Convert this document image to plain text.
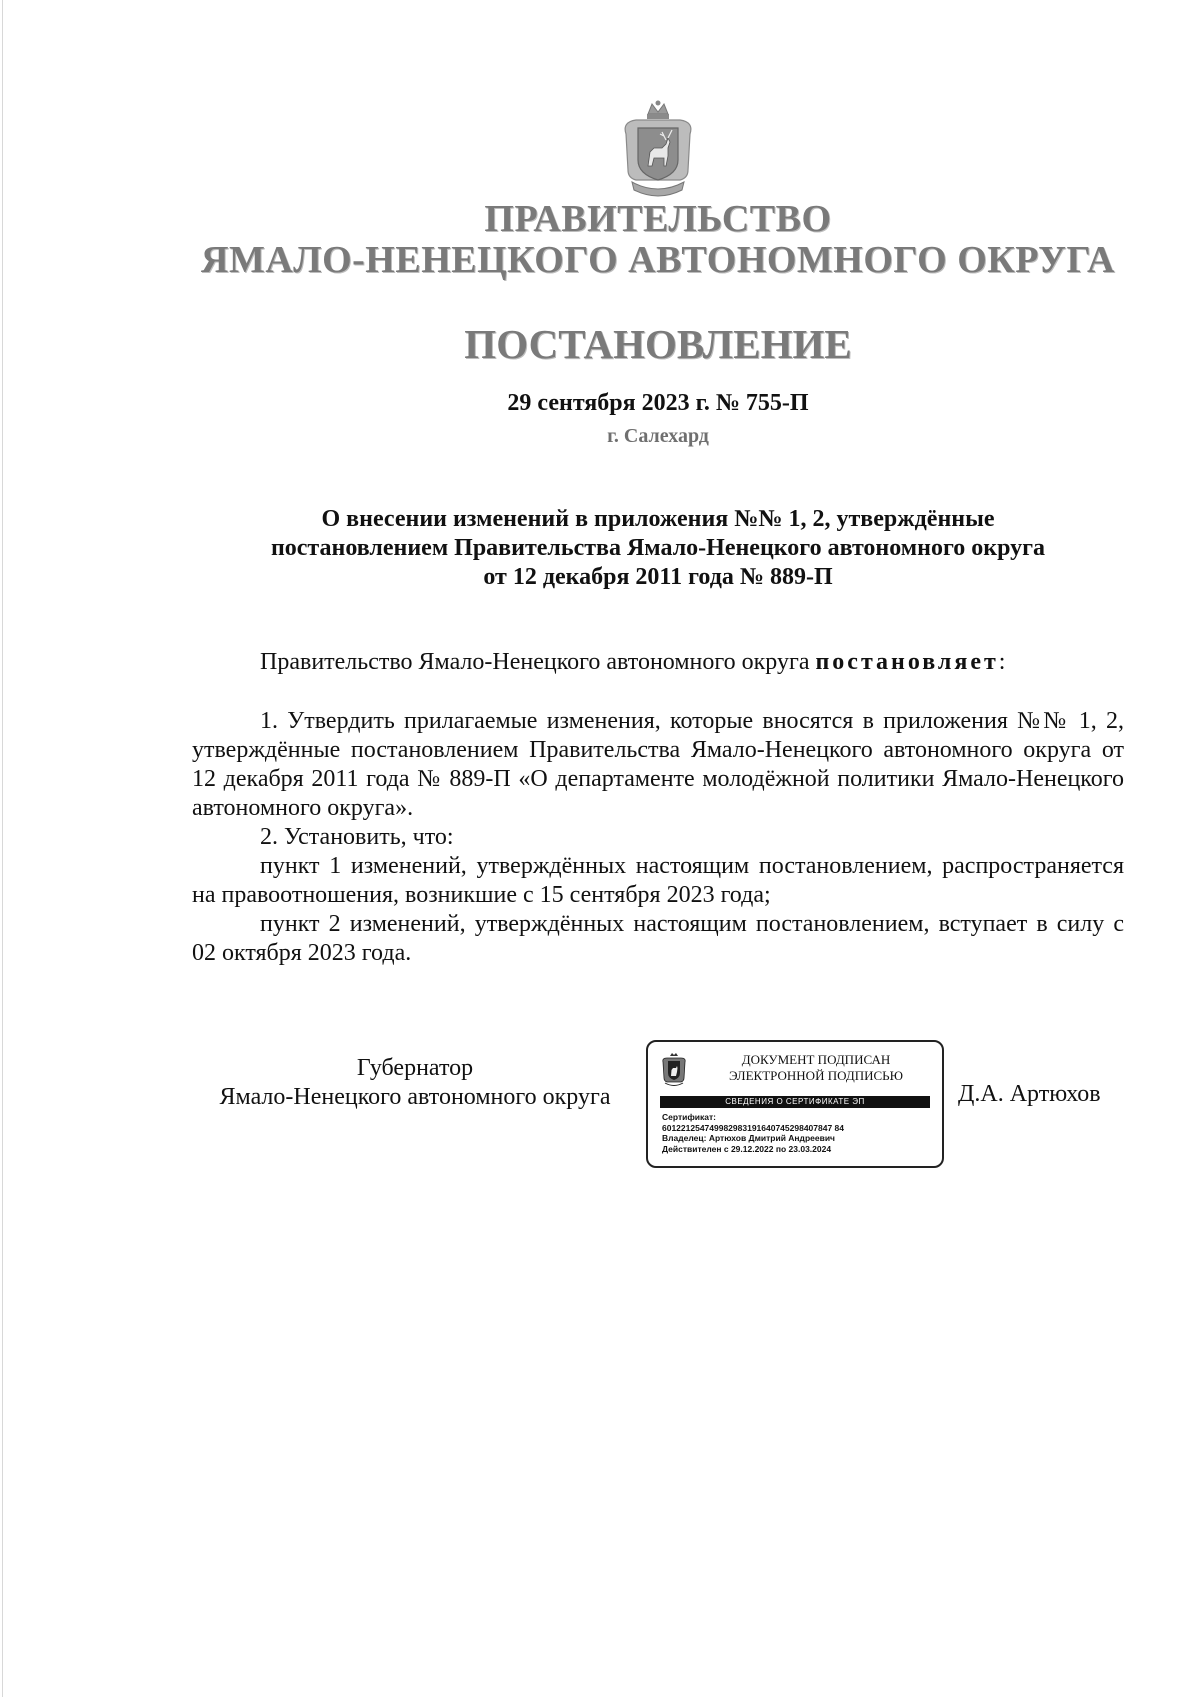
ПРАВИТЕЛЬСТВО
ЯМАЛО-НЕНЕЦКОГО АВТОНОМНОГО ОКРУГА
ПОСТАНОВЛЕНИЕ
29 сентября 2023 г. № 755-П
г. Салехард
О внесении изменений в приложения №№ 1, 2, утверждённые
постановлением Правительства Ямало-Ненецкого автономного округа
от 12 декабря 2011 года № 889-П
Правительство Ямало-Ненецкого автономного округа постановляет:

1. Утвердить прилагаемые изменения, которые вносятся в приложения №№ 1, 2, утверждённые постановлением Правительства Ямало-Ненецкого автономного округа от 12 декабря 2011 года № 889-П «О департаменте молодёжной политики Ямало-Ненецкого автономного округа».

2. Установить, что:

пункт 1 изменений, утверждённых настоящим постановлением, распространяется на правоотношения, возникшие с 15 сентября 2023 года;

пункт 2 изменений, утверждённых настоящим постановлением, вступает в силу с 02 октября 2023 года.

Губернатор
Ямало-Ненецкого автономного округа
ДОКУМЕНТ ПОДПИСАН
ЭЛЕКТРОННОЙ ПОДПИСЬЮ
СВЕДЕНИЯ О СЕРТИФИКАТЕ ЭП
Сертификат:
601221254749982983191640745298407847 84
Владелец: Артюхов Дмитрий Андреевич
Действителен с 29.12.2022 по 23.03.2024
Д.А. Артюхов
